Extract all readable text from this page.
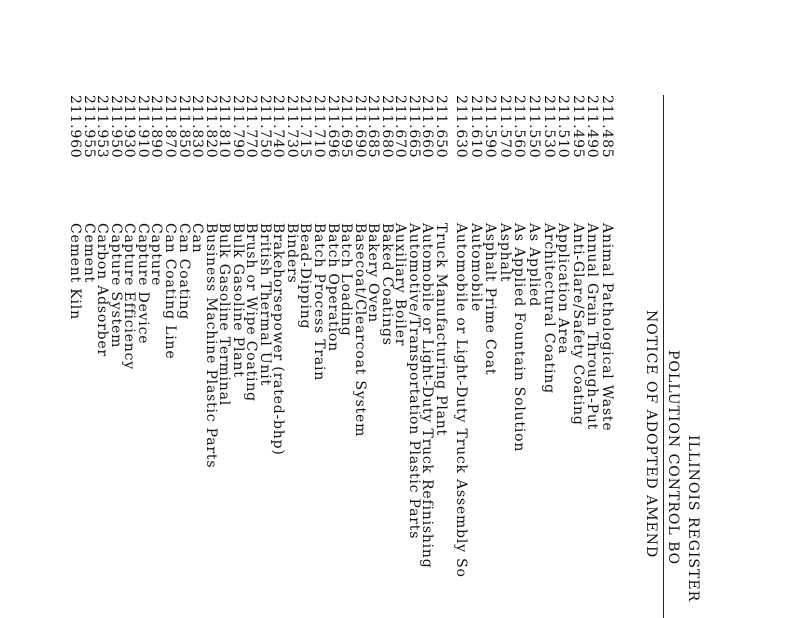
ILLINOIS REGISTER
POLLUTION CONTROL BO
NOTICE OF ADOPTED AMEND
211.485
Animal Pathological Waste
211.490
Annual Grain Through-Put
211.495
Anti-Glare/Safety Coating
211.510
Application Area
211.530
Architectural Coating
211.550
As Applied
211.560
As Applied Fountain Solution
211.570
Asphalt
211.590
Asphalt Prime Coat
211.610
Automobile
211.630
Automobile or Light-Duty Truck Assembly So
211.650
Truck Manufacturing Plant
211.660
Automobile or Light-Duty Truck Refinishing
211.665
Automotive/Transportation Plastic Parts
211.670
Auxiliary Boiler
211.680
Baked Coatings
211.685
Bakery Oven
211.690
Basecoat/Clearcoat System
211.695
Batch Loading
211.696
Batch Operation
211.710
Batch Process Train
211.715
Bead-Dipping
211.730
Binders
211.740
Brakehorsepower (rated-bhp)
211.750
British Thermal Unit
211.770
Brush or Wipe Coating
211.790
Bulk Gasoline Plant
211.810
Bulk Gasoline Terminal
211.820
Business Machine Plastic Parts
211.830
Can
211.850
Can Coating
211.870
Can Coating Line
211.890
Capture
211.910
Capture Device
211.930
Capture Efficiency
211.950
Capture System
211.953
Carbon Adsorber
211.955
Cement
211.960
Cement Kiln
